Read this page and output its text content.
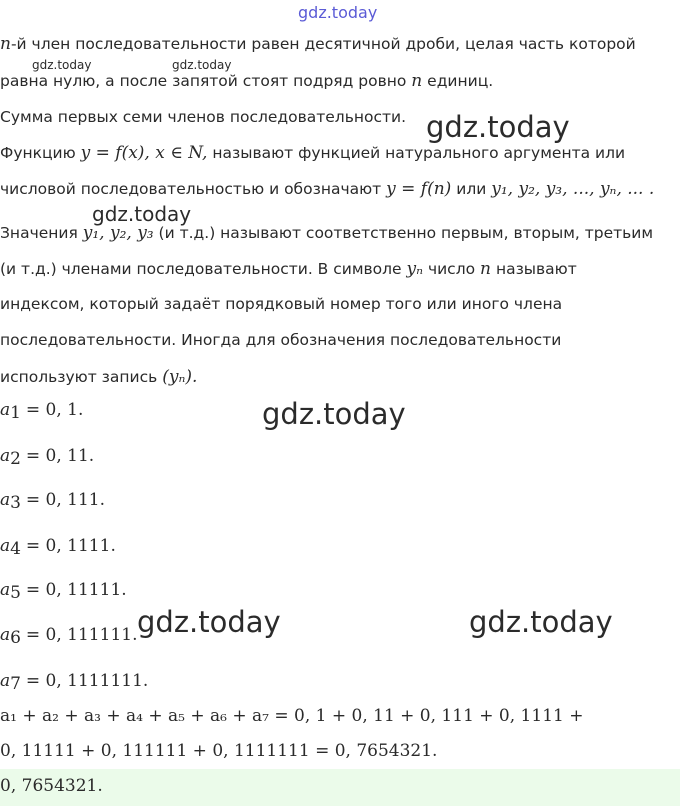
gdz.today
gdz.today	gdz.today
gdz.today
gdz.today
gdz.today
gdz.today	gdz.today
n-й член последовательности равен десятичной дроби, целая часть которой
равна нулю, а после запятой стоят подряд ровно n единиц.
Сумма первых семи членов последовательности.
Функцию y = f(x), x ∈ N, называют функцией натурального аргумента или
числовой последовательностью и обозначают y = f(n) или y₁, y₂, y₃, ..., yₙ, ... .
Значения y₁, y₂, y₃ (и т.д.) называют соответственно первым, вторым, третьим
(и т.д.) членами последовательности. В символе yₙ число n называют
индексом, который задаёт порядковый номер того или иного члена
последовательности. Иногда для обозначения последовательности
используют запись (yₙ).
$a_1 = 0$, 1.
$a_2 = 0$, 11.
$a_3 = 0$, 111.
$a_4 = 0$, 1111.
$a_5 = 0$, 11111.
$a_6 = 0$, 111111.
$a_7 = 0$, 1111111.
a₁ + a₂ + a₃ + a₄ + a₅ + a₆ + a₇ = 0, 1 + 0, 11 + 0, 111 + 0, 1111 +
0, 11111 + 0, 111111 + 0, 1111111 = 0, 7654321.
0, 7654321.
